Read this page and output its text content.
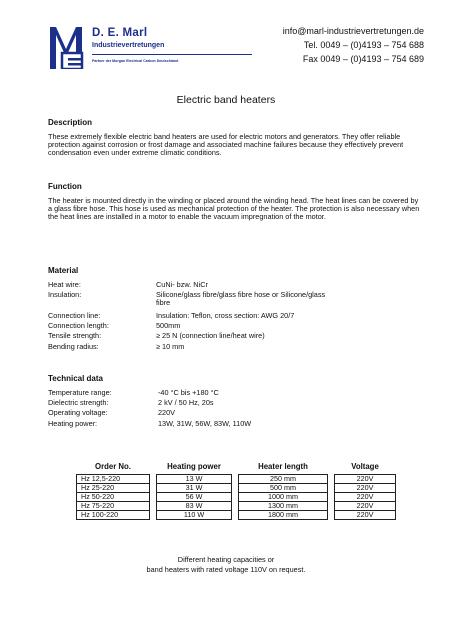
D. E. Marl
Industrievertretungen
Partner der Morgan Electrical Carbon Deutschland
info@marl-industrievertretungen.de
Tel. 0049 – (0)4193 – 754 688
Fax 0049 – (0)4193 – 754 689
Electric band heaters
Description
These extremely flexible electric band heaters are used for electric motors and generators. They offer reliable protection against corrosion or frost damage and associated machine failures because they effectively prevent condensation even under extreme climatic conditions.
Function
The heater is mounted directly in the winding or placed around the winding head. The heat lines can be covered by a glass fibre hose. This hose is used as mechanical protection of the heater. The protection is also necessary when the heat lines are installed in a motor to enable the vacuum impregnation of the motor.
Material
Heat wire:	CuNi- bzw. NiCr
Insulation:	Silicone/glass fibre/glass fibre hose or Silicone/glass fibre
Connection line:	Insulation: Teflon, cross section: AWG 20/7
Connection length:	500mm
Tensile strength:	≥ 25 N (connection line/heat wire)
Bending radius:	≥ 10 mm
Technical data
Temperature range:	-40 °C bis +180 °C
Dielectric strength:	2 kV / 50 Hz, 20s
Operating voltage:	220V
Heating power:	13W, 31W, 56W, 83W, 110W
Order No.		Heating power		Heater length		Voltage
Hz 12,5-220		13 W		250 mm		220V
Hz 25-220		31 W		500 mm		220V
Hz 50-220		56 W		1000 mm		220V
Hz 75-220		83 W		1300 mm		220V
Hz 100-220		110 W		1800 mm		220V
Different heating capacities or
band heaters with rated voltage 110V on request.
